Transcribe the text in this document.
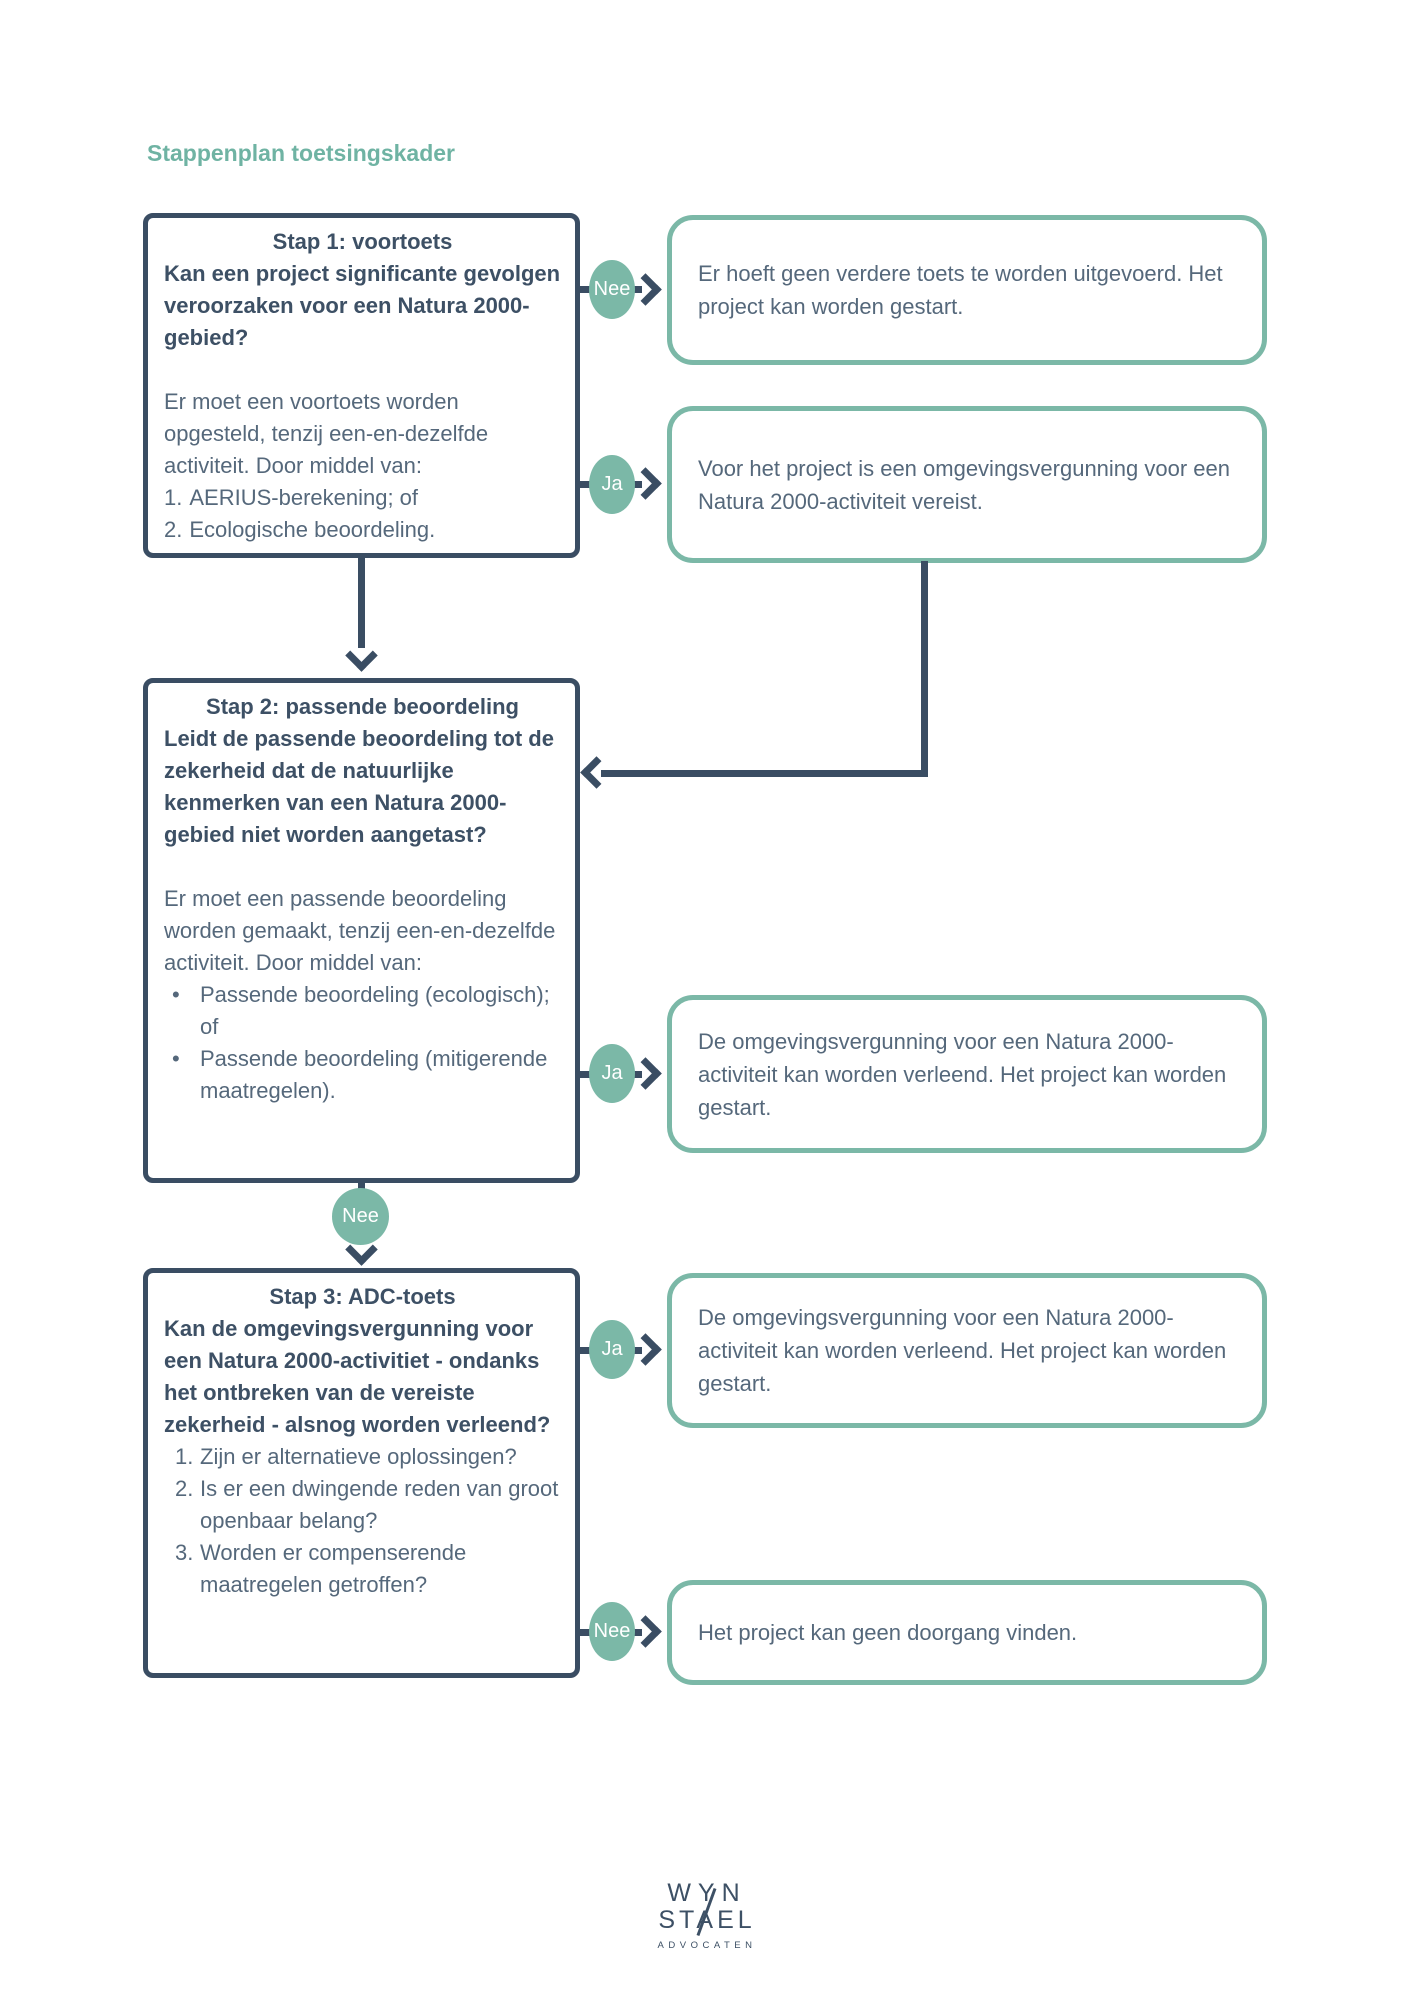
Stappenplan toetsingskader
Stap 1: voortoets
Kan een project significante gevolgen veroorzaken voor een Natura 2000-gebied?
Er moet een voortoets worden opgesteld, tenzij een-en-dezelfde activiteit. Door middel van:
1. AERIUS-berekening; of
2. Ecologische beoordeling.
Stap 2: passende beoordeling
Leidt de passende beoordeling tot de zekerheid dat de natuurlijke kenmerken van een Natura 2000-gebied niet worden aangetast?
Er moet een passende beoordeling worden gemaakt, tenzij een-en-dezelfde activiteit. Door middel van:
• Passende beoordeling (ecologisch); of
• Passende beoordeling (mitigerende maatregelen).
Stap 3: ADC-toets
Kan de omgevingsvergunning voor een Natura 2000-activitiet - ondanks het ontbreken van de vereiste zekerheid - alsnog worden verleend?
1. Zijn er alternatieve oplossingen?
2. Is er een dwingende reden van groot openbaar belang?
3. Worden er compenserende maatregelen getroffen?
Er hoeft geen verdere toets te worden uitgevoerd. Het project kan worden gestart.
Voor het project is een omgevingsvergunning voor een Natura 2000-activiteit vereist.
De omgevingsvergunning voor een Natura 2000-activiteit kan worden verleend. Het project kan worden gestart.
De omgevingsvergunning voor een Natura 2000-activiteit kan worden verleend. Het project kan worden gestart.
Het project kan geen doorgang vinden.
Nee
Ja
Ja
Nee
Ja
Nee
WYN
STAEL
ADVOCATEN
